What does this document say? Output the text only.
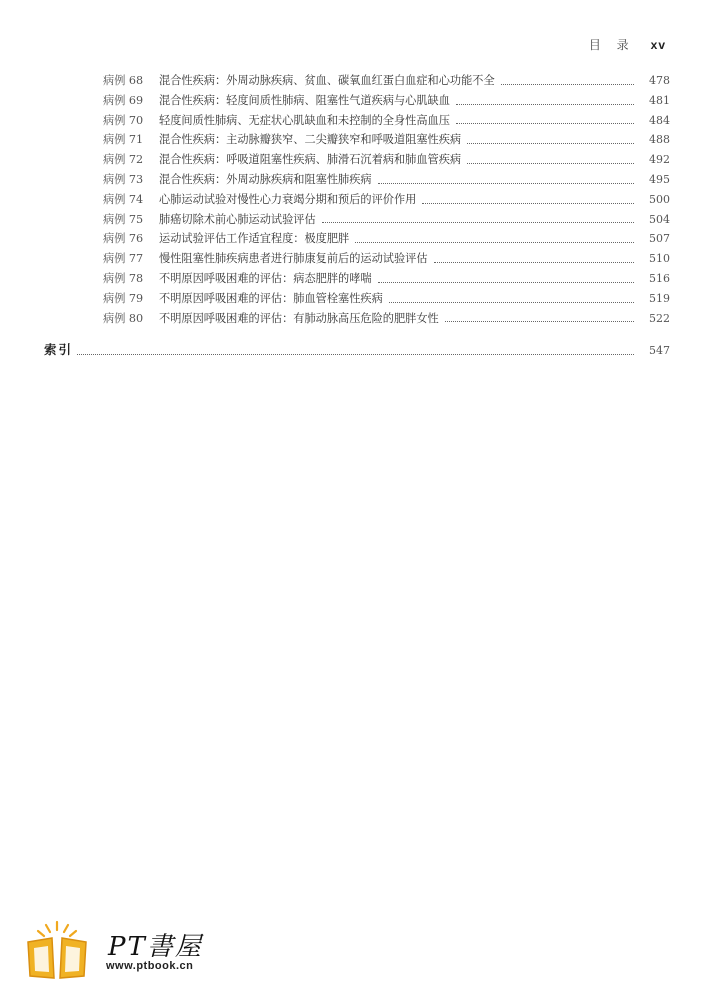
目 录 xv
病例 68	混合性疾病：外周动脉疾病、贫血、碳氧血红蛋白血症和心功能不全	478
病例 69	混合性疾病：轻度间质性肺病、阻塞性气道疾病与心肌缺血	481
病例 70	轻度间质性肺病、无症状心肌缺血和未控制的全身性高血压	484
病例 71	混合性疾病：主动脉瓣狭窄、二尖瓣狭窄和呼吸道阻塞性疾病	488
病例 72	混合性疾病：呼吸道阻塞性疾病、肺滑石沉着病和肺血管疾病	492
病例 73	混合性疾病：外周动脉疾病和阻塞性肺疾病	495
病例 74	心肺运动试验对慢性心力衰竭分期和预后的评价作用	500
病例 75	肺癌切除术前心肺运动试验评估	504
病例 76	运动试验评估工作适宜程度：极度肥胖	507
病例 77	慢性阻塞性肺疾病患者进行肺康复前后的运动试验评估	510
病例 78	不明原因呼吸困难的评估：病态肥胖的哮喘	516
病例 79	不明原因呼吸困难的评估：肺血管栓塞性疾病	519
病例 80	不明原因呼吸困难的评估：有肺动脉高压危险的肥胖女性	522
索引	547
PT書屋
www.ptbook.cn
